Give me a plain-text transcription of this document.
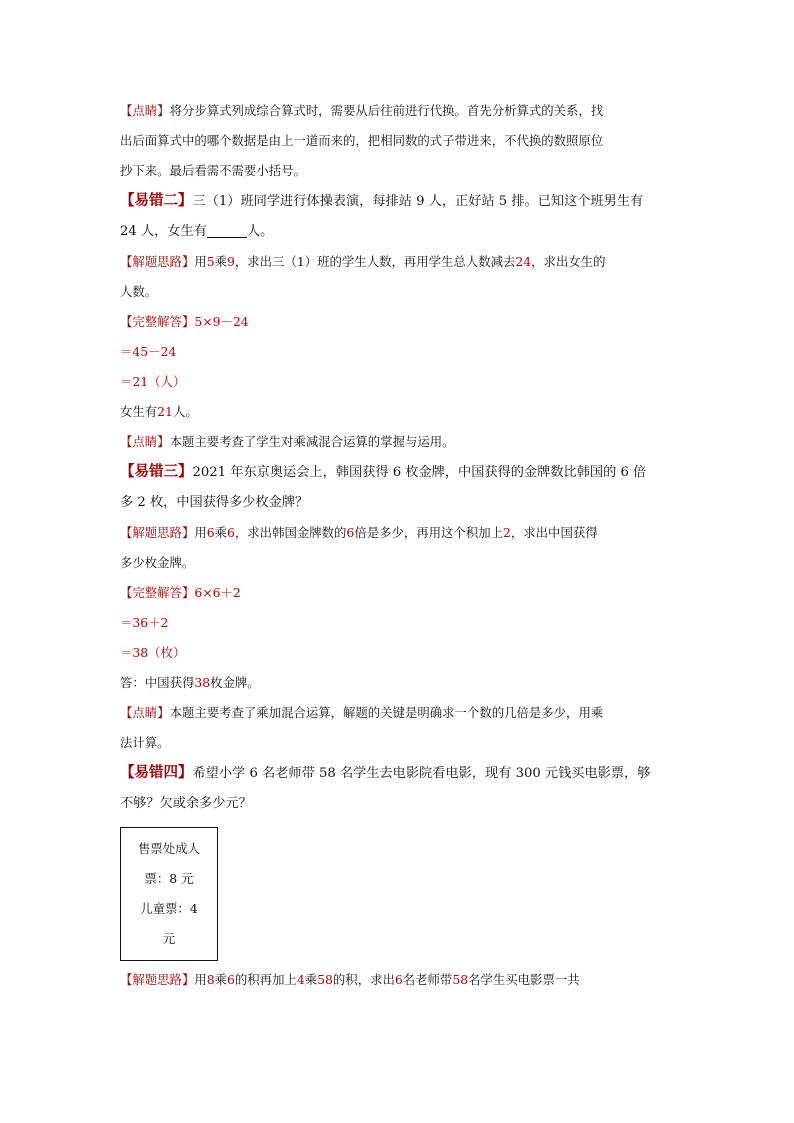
【点睛】将分步算式列成综合算式时，需要从后往前进行代换。首先分析算式的关系，找
出后面算式中的哪个数据是由上一道而来的，把相同数的式子带进来，不代换的数照原位
抄下来。最后看需不需要小括号。
【易错二】三（1）班同学进行体操表演，每排站 9 人，正好站 5 排。已知这个班男生有
24 人，女生有	人。
【解题思路】用5乘9，求出三（1）班的学生人数，再用学生总人数减去24，求出女生的
人数。
【完整解答】5×9－24
＝45－24
＝21（人）
女生有21人。
【点睛】本题主要考查了学生对乘减混合运算的掌握与运用。
【易错三】2021 年东京奥运会上，韩国获得 6 枚金牌，中国获得的金牌数比韩国的 6 倍
多 2 枚，中国获得多少枚金牌？
【解题思路】用6乘6，求出韩国金牌数的6倍是多少，再用这个积加上2，求出中国获得
多少枚金牌。
【完整解答】6×6＋2
＝36＋2
＝38（枚）
答：中国获得38枚金牌。
【点睛】本题主要考查了乘加混合运算，解题的关键是明确求一个数的几倍是多少，用乘
法计算。
【易错四】希望小学 6 名老师带 58 名学生去电影院看电影，现有 300 元钱买电影票，够
不够？欠或余多少元？
售票处成人
票：8 元
儿童票：4
元
【解题思路】用8乘6的积再加上4乘58的积，求出6名老师带58名学生买电影票一共
